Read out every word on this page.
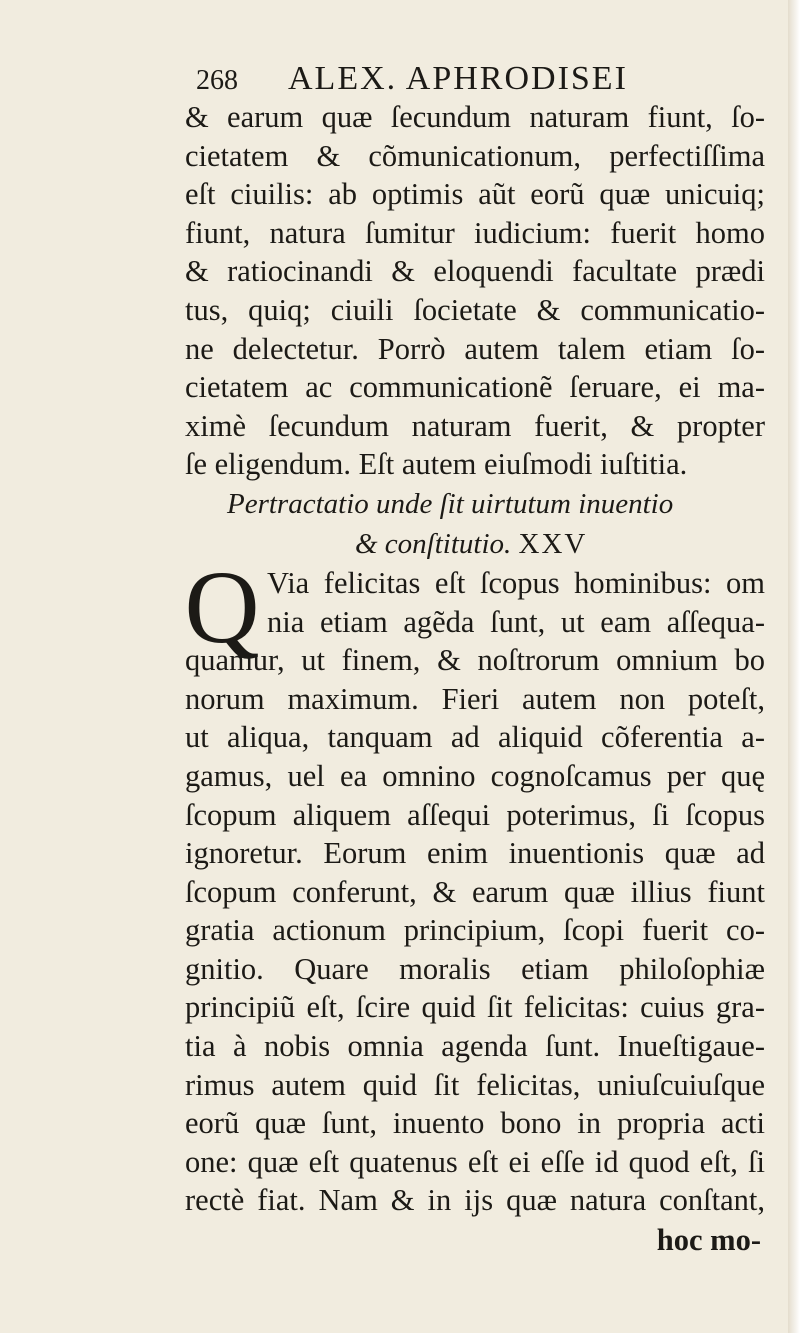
268 ALEX. APHRODISEI
& earum quæ ſecundum naturam fiunt, ſo-
cietatem & cõmunicationum, perfectiſſima
eſt ciuilis: ab optimis aũt eorũ quæ unicuiq;
fiunt, natura ſumitur iudicium: fuerit homo
& ratiocinandi & eloquendi facultate prædi
tus, quiq; ciuili ſocietate & communicatio-
ne delectetur. Porrò autem talem etiam ſo-
cietatem ac communicationẽ ſeruare, ei ma-
ximè ſecundum naturam fuerit, & propter
ſe eligendum. Eſt autem eiuſmodi iuſtitia.
Pertractatio unde ſit uirtutum inuentio
& conſtitutio. XXV
Q Via felicitas eſt ſcopus hominibus: om
nia etiam agẽda ſunt, ut eam aſſequa-
quamur, ut finem, & noſtrorum omnium bo
norum maximum. Fieri autem non poteſt,
ut aliqua, tanquam ad aliquid cõferentia a-
gamus, uel ea omnino cognoſcamus per quę
ſcopum aliquem aſſequi poterimus, ſi ſcopus
ignoretur. Eorum enim inuentionis quæ ad
ſcopum conferunt, & earum quæ illius fiunt
gratia actionum principium, ſcopi fuerit co-
gnitio. Quare moralis etiam philoſophiæ
principiũ eſt, ſcire quid ſit felicitas: cuius gra-
tia à nobis omnia agenda ſunt. Inueſtigaue-
rimus autem quid ſit felicitas, uniuſcuiuſque
eorũ quæ ſunt, inuento bono in propria acti
one: quæ eſt quatenus eſt ei eſſe id quod eſt, ſi
rectè fiat. Nam & in ijs quæ natura conſtant,
hoc mo-
